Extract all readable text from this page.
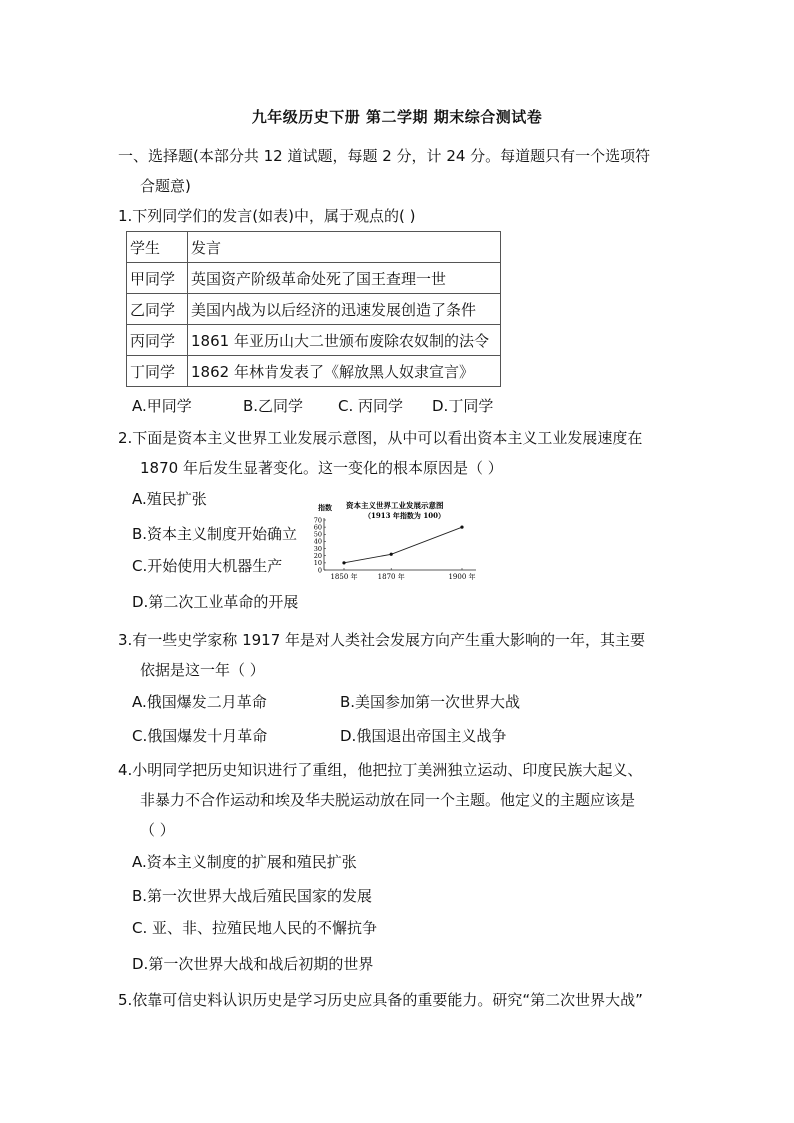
九年级历史下册 第二学期 期末综合测试卷
一、选择题(本部分共 12 道试题，每题 2 分，计 24 分。每道题只有一个选项符
合题意)
1.下列同学们的发言(如表)中，属于观点的( )
学生	发言
甲同学	英国资产阶级革命处死了国王查理一世
乙同学	美国内战为以后经济的迅速发展创造了条件
丙同学	1861 年亚历山大二世颁布废除农奴制的法令
丁同学	1862 年林肯发表了《解放黑人奴隶宣言》
A.甲同学	B.乙同学 C. 丙同学 D.丁同学
2.下面是资本主义世界工业发展示意图，从中可以看出资本主义工业发展速度在
1870 年后发生显著变化。这一变化的根本原因是（ ）
A.殖民扩张
B.资本主义制度开始确立
C.开始使用大机器生产
D.第二次工业革命的开展
资本主义世界工业发展示意图
（1913 年指数为 100）
指数
0
10
20
30
40
50
60
70
1850 年	1870 年	1900 年
3.有一些史学家称 1917 年是对人类社会发展方向产生重大影响的一年，其主要
依据是这一年（ ）
A.俄国爆发二月革命	B.美国参加第一次世界大战
C.俄国爆发十月革命	D.俄国退出帝国主义战争
4.小明同学把历史知识进行了重组，他把拉丁美洲独立运动、印度民族大起义、
非暴力不合作运动和埃及华夫脱运动放在同一个主题。他定义的主题应该是
（ ）
A.资本主义制度的扩展和殖民扩张
B.第一次世界大战后殖民国家的发展
C. 亚、非、拉殖民地人民的不懈抗争
D.第一次世界大战和战后初期的世界
5.依靠可信史料认识历史是学习历史应具备的重要能力。研究“第二次世界大战”
